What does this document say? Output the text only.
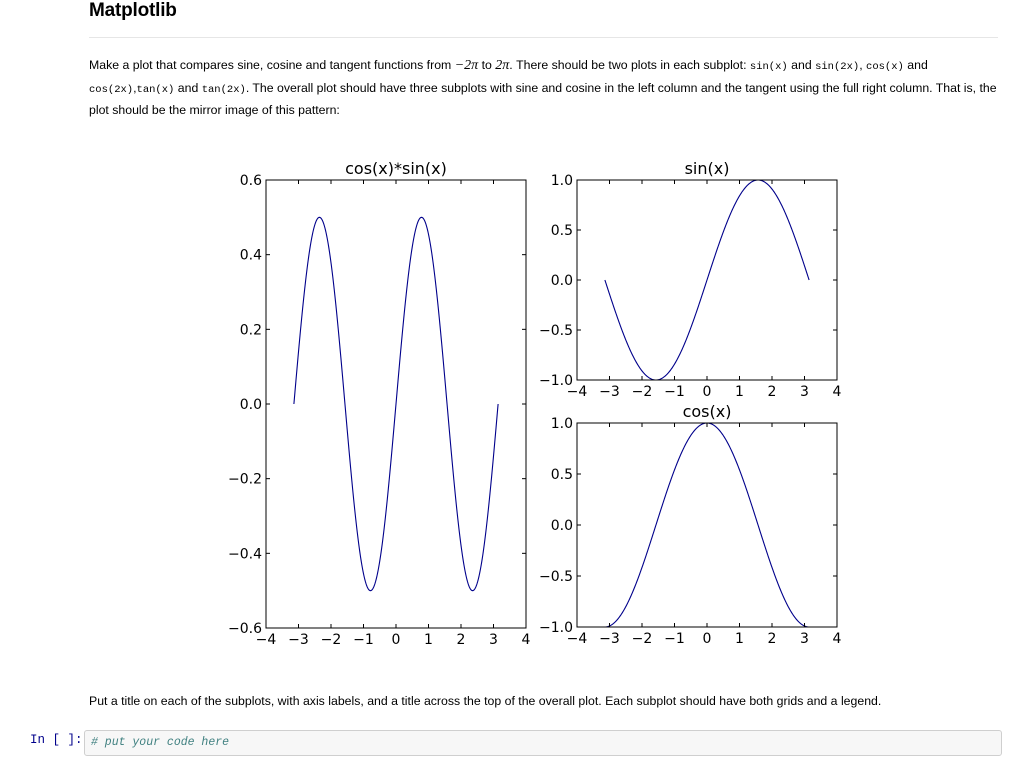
Matplotlib
Make a plot that compares sine, cosine and tangent functions from −2π to 2π. There should be two plots in each subplot: sin(x) and sin(2x), cos(x) and cos(2x),tan(x) and tan(2x). The overall plot should have three subplots with sine and cosine in the left column and the tangent using the full right column. That is, the plot should be the mirror image of this pattern:
−4 −3 −2 −1 0 1 2 3 4
0.6
0.4
0.2
0.0
−0.2
−0.4
−0.6
cos(x)*sin(x)
−4 −3 −2 −1 0 1 2 3 4
1.0
0.5
0.0
−0.5
−1.0
sin(x)
−4 −3 −2 −1 0 1 2 3 4
1.0
0.5
0.0
−0.5
−1.0
cos(x)
Put a title on each of the subplots, with axis labels, and a title across the top of the overall plot. Each subplot should have both grids and a legend.
In [ ]: # put your code here
